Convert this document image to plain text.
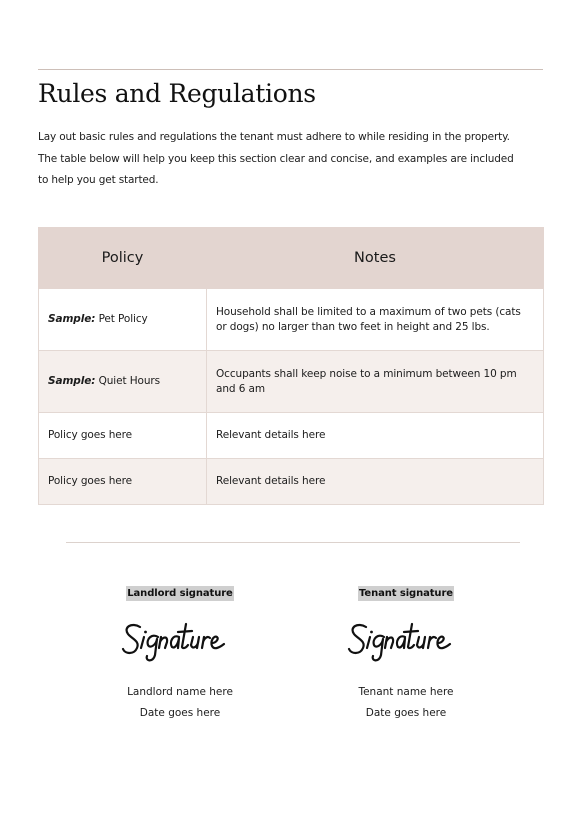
Rules and Regulations
Lay out basic rules and regulations the tenant must adhere to while residing in the property.
The table below will help you keep this section clear and concise, and examples are included
to help you get started.
Policy	Notes
Sample: Pet Policy	Household shall be limited to a maximum of two pets (cats or dogs) no larger than two feet in height and 25 lbs.
Sample: Quiet Hours	Occupants shall keep noise to a minimum between 10 pm and 6 am
Policy goes here	Relevant details here
Policy goes here	Relevant details here
Landlord signature
Landlord name here
Date goes here
Tenant signature
Tenant name here
Date goes here
